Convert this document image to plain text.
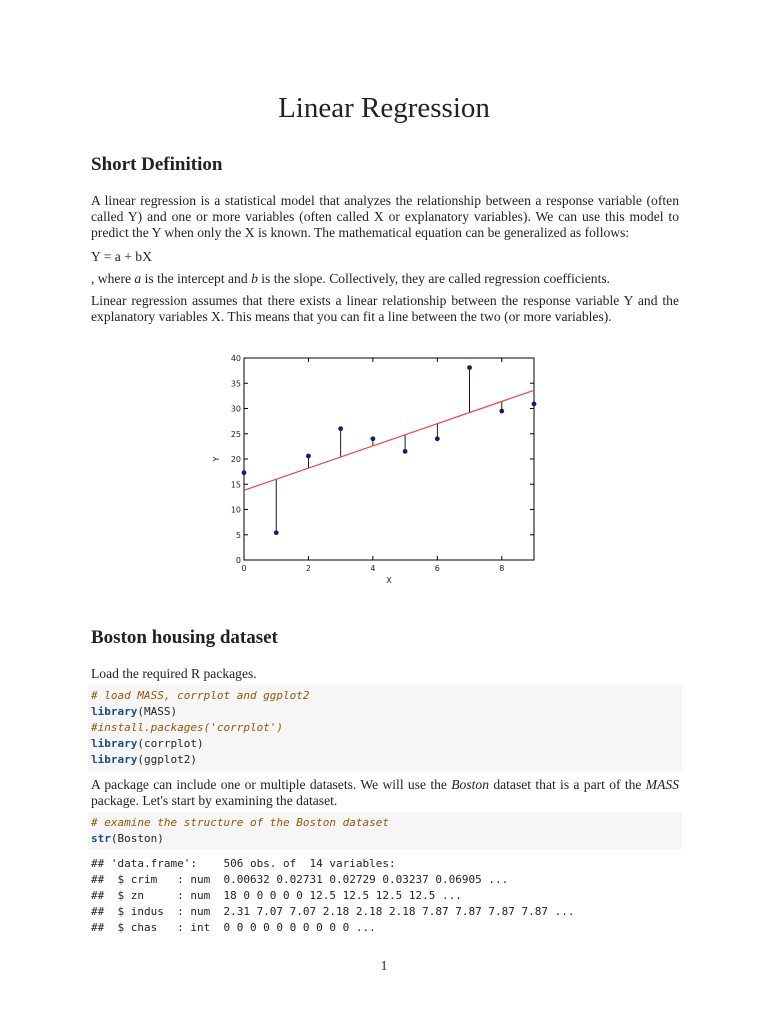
Linear Regression
Short Definition

A linear regression is a statistical model that analyzes the relationship between a response variable (often called Y) and one or more variables (often called X or explanatory variables). We can use this model to predict the Y when only the X is known. The mathematical equation can be generalized as follows:

Y = a + bX

, where a is the intercept and b is the slope. Collectively, they are called regression coefficients.

Linear regression assumes that there exists a linear relationship between the response variable Y and the explanatory variables X. This means that you can fit a line between the two (or more variables).

0
5
10
15
20
25
30
35
40
0	2	4	6	8
X
Y
Boston housing dataset

Load the required R packages.

# load MASS, corrplot and ggplot2
library(MASS)
#install.packages('corrplot')
library(corrplot)
library(ggplot2)

A package can include one or multiple datasets. We will use the Boston dataset that is a part of the MASS package. Let's start by examining the dataset.

# examine the structure of the Boston dataset
str(Boston)
## 'data.frame':    506 obs. of  14 variables:
##  $ crim   : num  0.00632 0.02731 0.02729 0.03237 0.06905 ...
##  $ zn     : num  18 0 0 0 0 0 12.5 12.5 12.5 12.5 ...
##  $ indus  : num  2.31 7.07 7.07 2.18 2.18 2.18 7.87 7.87 7.87 7.87 ...
##  $ chas   : int  0 0 0 0 0 0 0 0 0 0 ...
1
